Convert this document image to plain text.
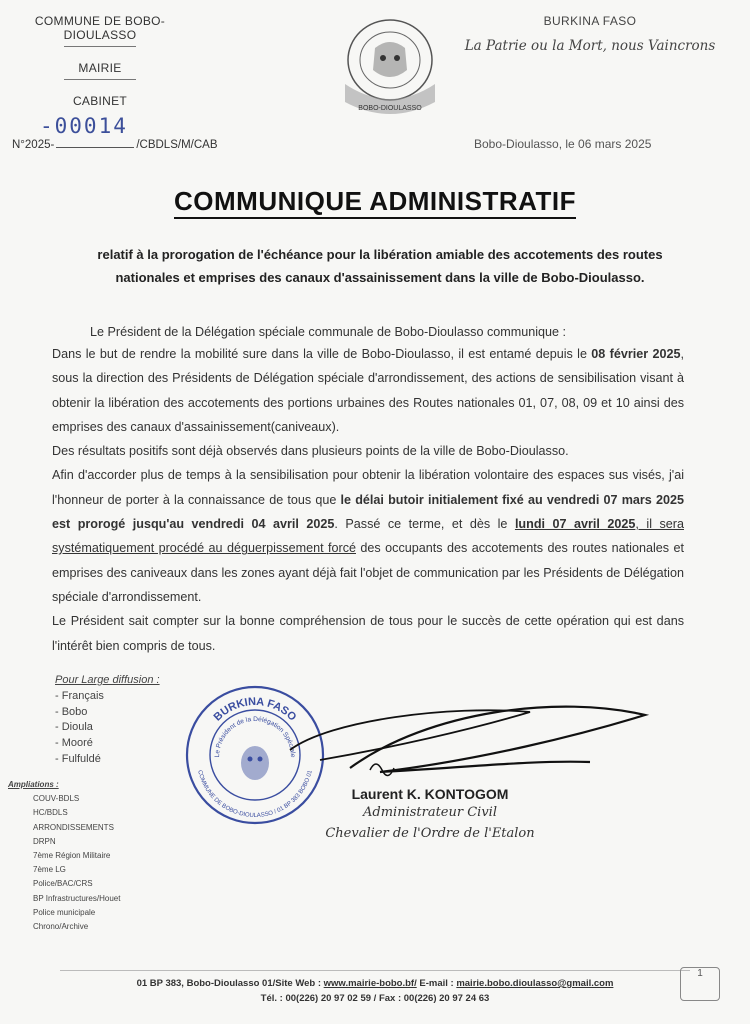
COMMUNE DE BOBO-DIOULASSO
MAIRIE
CABINET
-00014
N°2025-	/CBDLS/M/CAB
BOBO-DIOULASSO
BURKINA FASO
La Patrie ou la Mort, nous Vaincrons
Bobo-Dioulasso, le 06 mars 2025
COMMUNIQUE ADMINISTRATIF
relatif à la prorogation de l'échéance pour la libération amiable des accotements des routes nationales et emprises des canaux d'assainissement dans la ville de Bobo-Dioulasso.

Le Président de la Délégation spéciale communale de Bobo-Dioulasso communique :

Dans le but de rendre la mobilité sure dans la ville de Bobo-Dioulasso, il est entamé depuis le 08 février 2025, sous la direction des Présidents de Délégation spéciale d'arrondissement, des actions de sensibilisation visant à obtenir la libération des accotements des portions urbaines des Routes nationales 01, 07, 08, 09 et 10 ainsi des emprises des canaux d'assainissement(caniveaux).

Des résultats positifs sont déjà observés dans plusieurs points de la ville de Bobo-Dioulasso.

Afin d'accorder plus de temps à la sensibilisation pour obtenir la libération volontaire des espaces sus visés, j'ai l'honneur de porter à la connaissance de tous que le délai butoir initialement fixé au vendredi 07 mars 2025 est prorogé jusqu'au vendredi 04 avril 2025. Passé ce terme, et dès le lundi 07 avril 2025, il sera systématiquement procédé au déguerpissement forcé des occupants des accotements des routes nationales et emprises des caniveaux dans les zones ayant déjà fait l'objet de communication par les Présidents de Délégation spéciale d'arrondissement.

Le Président sait compter sur la bonne compréhension de tous pour le succès de cette opération qui est dans l'intérêt bien compris de tous.

Pour Large diffusion :
- Français
- Bobo
- Dioula
- Mooré
- Fulfuldé
Ampliations :
COUV-BDLS
HC/BDLS
ARRONDISSEMENTS
DRPN
7ème Région Militaire
7ème LG
Police/BAC/CRS
BP Infrastructures/Houet
Police municipale
Chrono/Archive
BURKINA FASO
Le Président de la Délégation Spéciale
COMMUNE DE BOBO-DIOULASSO / 01 BP 383 BOBO 01
Laurent K. KONTOGOM
Administrateur Civil
Chevalier de l'Ordre de l'Etalon
01 BP 383, Bobo-Dioulasso 01/Site Web : www.mairie-bobo.bf/ E-mail : mairie.bobo.dioulasso@gmail.com
Tél. : 00(226) 20 97 02 59 / Fax : 00(226) 20 97 24 63
1
